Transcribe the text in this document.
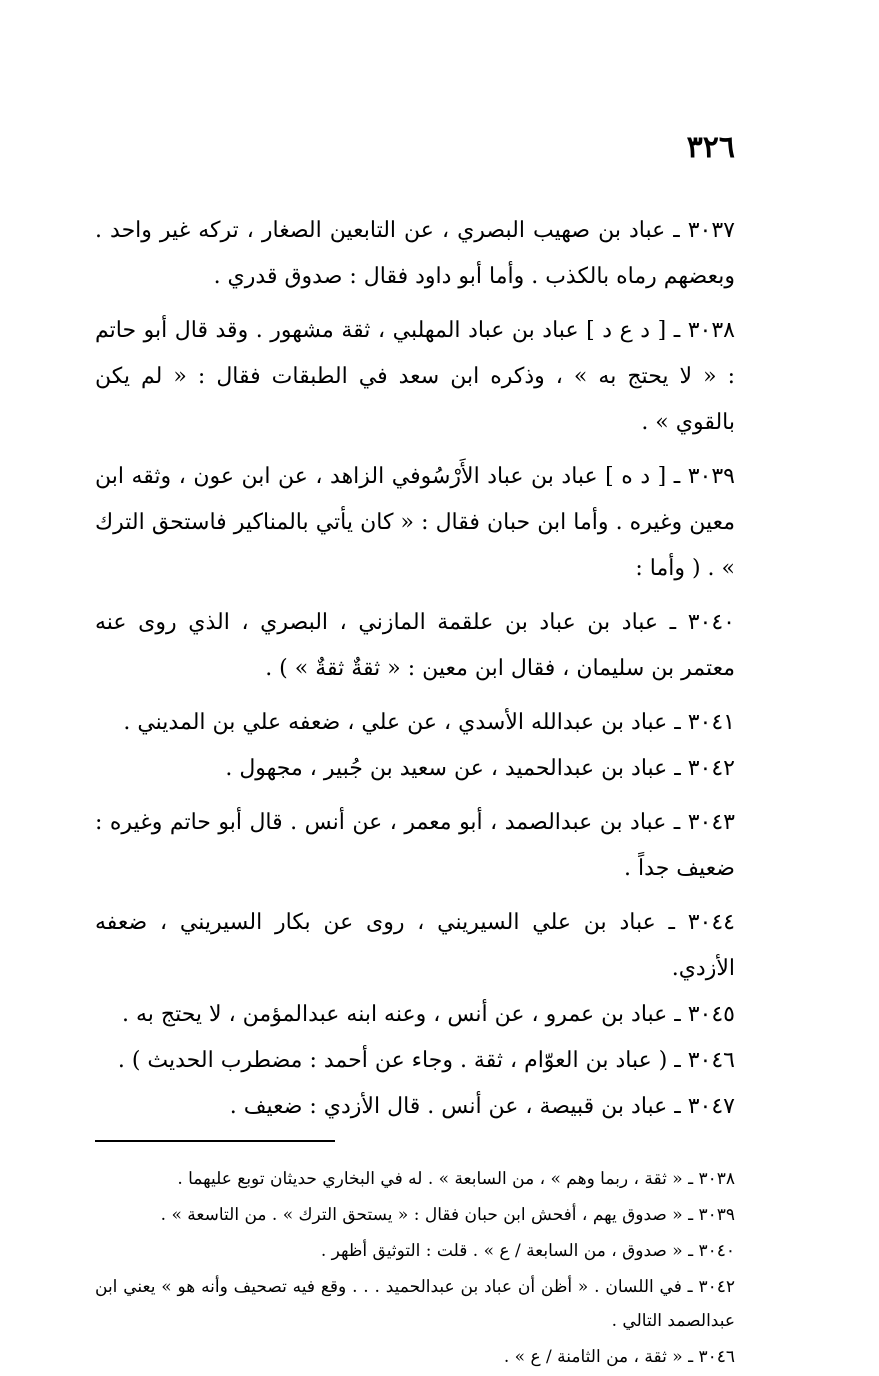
٣٢٦

٣٠٣٧ ـ عباد بن صهيب البصري ، عن التابعين الصغار ، تركه غير واحد . وبعضهم رماه بالكذب . وأما أبو داود فقال : صدوق قدري .

٣٠٣٨ ـ [ د ع د ] عباد بن عباد المهلبي ، ثقة مشهور . وقد قال أبو حاتم : « لا يحتج به » ، وذكره ابن سعد في الطبقات فقال : « لم يكن بالقوي » .

٣٠٣٩ ـ [ د ه ] عباد بن عباد الأَرْسُوفي الزاهد ، عن ابن عون ، وثقه ابن معين وغيره . وأما ابن حبان فقال : « كان يأتي بالمناكير فاستحق الترك » . ( وأما :

٣٠٤٠ ـ عباد بن عباد بن علقمة المازني ، البصري ، الذي روى عنه معتمر بن سليمان ، فقال ابن معين : « ثقةٌ ثقةٌ » ) .

٣٠٤١ ـ عباد بن عبدالله الأسدي ، عن علي ، ضعفه علي بن المديني .

٣٠٤٢ ـ عباد بن عبدالحميد ، عن سعيد بن جُبير ، مجهول .

٣٠٤٣ ـ عباد بن عبدالصمد ، أبو معمر ، عن أنس . قال أبو حاتم وغيره : ضعيف جداً .

٣٠٤٤ ـ عباد بن علي السيريني ، روى عن بكار السيريني ، ضعفه الأزدي.

٣٠٤٥ ـ عباد بن عمرو ، عن أنس ، وعنه ابنه عبدالمؤمن ، لا يحتج به .

٣٠٤٦ ـ ( عباد بن العوّام ، ثقة . وجاء عن أحمد : مضطرب الحديث ) .

٣٠٤٧ ـ عباد بن قبيصة ، عن أنس . قال الأزدي : ضعيف .

٣٠٣٨ ـ « ثقة ، ربما وهم » ، من السابعة » . له في البخاري حديثان توبع عليهما .

٣٠٣٩ ـ « صدوق يهم ، أفحش ابن حبان فقال : « يستحق الترك » . من التاسعة » .

٣٠٤٠ ـ « صدوق ، من السابعة / ع » . قلت : التوثيق أظهر .

٣٠٤٢ ـ في اللسان . « أظن أن عباد بن عبدالحميد . . . وقع فيه تصحيف وأنه هو » يعني ابن عبدالصمد التالي .

٣٠٤٦ ـ « ثقة ، من الثامنة / ع » .
